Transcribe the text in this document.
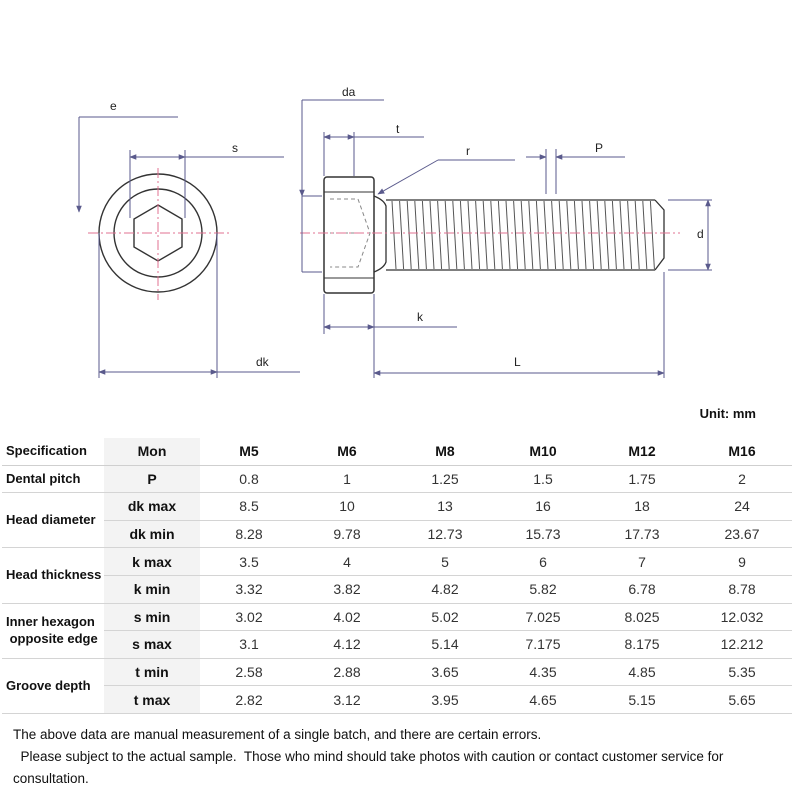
e
s
dk
da
t
r	P
d
k
L
Unit: mm
Specification	Mon	M5	M6	M8	M10	M12	M16
Dental pitch	P	0.8	1	1.25	1.5	1.75	2
Head diameter	dk max	8.5	10	13	16	18	24
	dk min	8.28	9.78	12.73	15.73	17.73	23.67
Head thickness	k max	3.5	4	5	6	7	9
	k min	3.32	3.82	4.82	5.82	6.78	8.78

Inner hexagon
opposite edge	s min	3.02	4.02	5.02	7.025	8.025	12.032
	s max	3.1	4.12	5.14	7.175	8.175	12.212
Groove depth	t min	2.58	2.88	3.65	4.35	4.85	5.35
	t max	2.82	3.12	3.95	4.65	5.15	5.65

The above data are manual measurement of a single batch, and there are certain errors.

Please subject to the actual sample.  Those who mind should take photos with caution or contact customer service for consultation.
